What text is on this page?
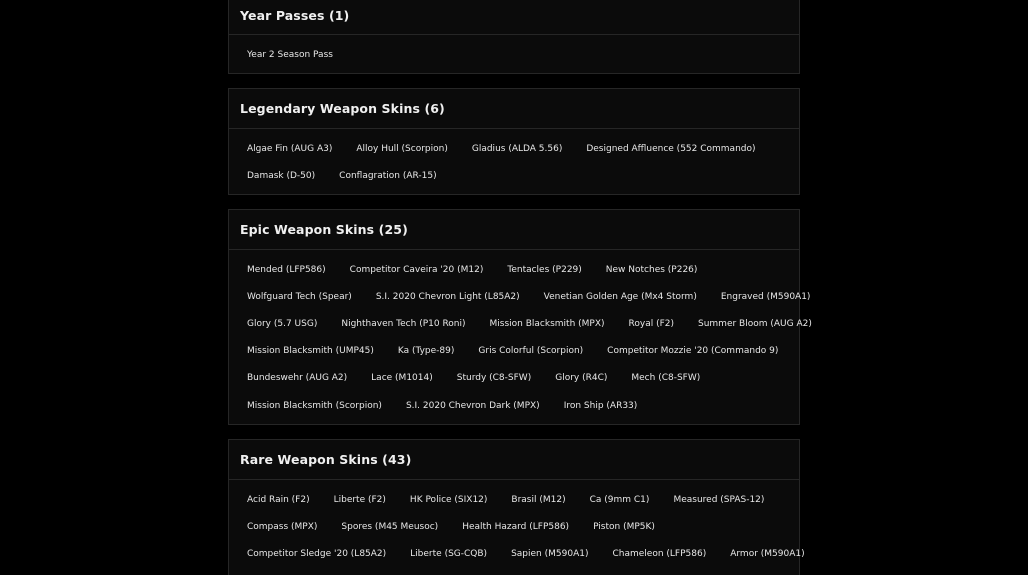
Year Passes (1)
Year 2 Season Pass
Legendary Weapon Skins (6)
Algae Fin (AUG A3)	Alloy Hull (Scorpion)	Gladius (ALDA 5.56)	Designed Affluence (552 Commando)
Damask (D-50)	Conflagration (AR-15)
Epic Weapon Skins (25)
Mended (LFP586)	Competitor Caveira '20 (M12)	Tentacles (P229)	New Notches (P226)
Wolfguard Tech (Spear)	S.I. 2020 Chevron Light (L85A2)	Venetian Golden Age (Mx4 Storm)	Engraved (M590A1)
Glory (5.7 USG)	Nighthaven Tech (P10 Roni)	Mission Blacksmith (MPX)	Royal (F2)	Summer Bloom (AUG A2)
Mission Blacksmith (UMP45)	Ka (Type-89)	Gris Colorful (Scorpion)	Competitor Mozzie '20 (Commando 9)
Bundeswehr (AUG A2)	Lace (M1014)	Sturdy (C8-SFW)	Glory (R4C)	Mech (C8-SFW)
Mission Blacksmith (Scorpion)	S.I. 2020 Chevron Dark (MPX)	Iron Ship (AR33)
Rare Weapon Skins (43)
Acid Rain (F2)	Liberte (F2)	HK Police (SIX12)	Brasil (M12)	Ca (9mm C1)	Measured (SPAS-12)
Compass (MPX)	Spores (M45 Meusoc)	Health Hazard (LFP586)	Piston (MP5K)
Competitor Sledge '20 (L85A2)	Liberte (SG-CQB)	Sapien (M590A1)	Chameleon (LFP586)	Armor (M590A1)
